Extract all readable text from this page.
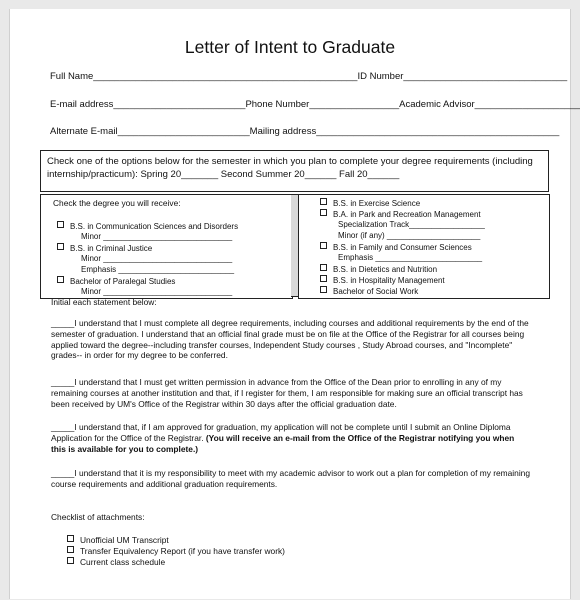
Letter of Intent to Graduate
Full Name__________________________________________________ID Number_______________________________
E-mail address_________________________Phone Number_________________Academic Advisor____________________
Alternate E-mail_________________________Mailing address______________________________________________
Check one of the options below for the semester in which you plan to complete your degree requirements (including
internship/practicum): Spring 20_______ Second Summer 20______ Fall 20______
Check the degree you will receive:
B.S. in Communication Sciences and Disorders
Minor _____________________________
B.S. in Criminal Justice
Minor _____________________________
Emphasis __________________________
Bachelor of Paralegal Studies
Minor _____________________________
B.S. in Exercise Science
B.A. in Park and Recreation Management
Specialization Track_________________
Minor (if any) _____________________
B.S. in Family and Consumer Sciences
Emphasis ________________________
B.S. in Dietetics and Nutrition
B.S. in Hospitality Management
Bachelor of Social Work
Initial each statement below:
_____I understand that I must complete all degree requirements, including courses and additional requirements by the end of the semester of graduation. I understand that an official final grade must be on file at the Office of the Registrar for all courses being applied toward the degree--including transfer courses, Independent Study courses , Study Abroad courses, and "Incomplete" grades-- in order for my degree to be conferred.
_____I understand that I must get written permission in advance from the Office of the Dean prior to enrolling in any of my remaining courses at another institution and that, if I register for them, I am responsible for making sure an official transcript has been received by UM's Office of the Registrar within 30 days after the official graduation date.
_____I understand that, if I am approved for graduation, my application will not be complete until I submit an Online Diploma Application for the Office of the Registrar. (You will receive an e-mail from the Office of the Registrar notifying you when this is available for you to complete.)
_____I understand that it is my responsibility to meet with my academic advisor to work out a plan for completion of my remaining course requirements and additional graduation requirements.
Checklist of attachments:
Unofficial UM Transcript
Transfer Equivalency Report (if you have transfer work)
Current class schedule
